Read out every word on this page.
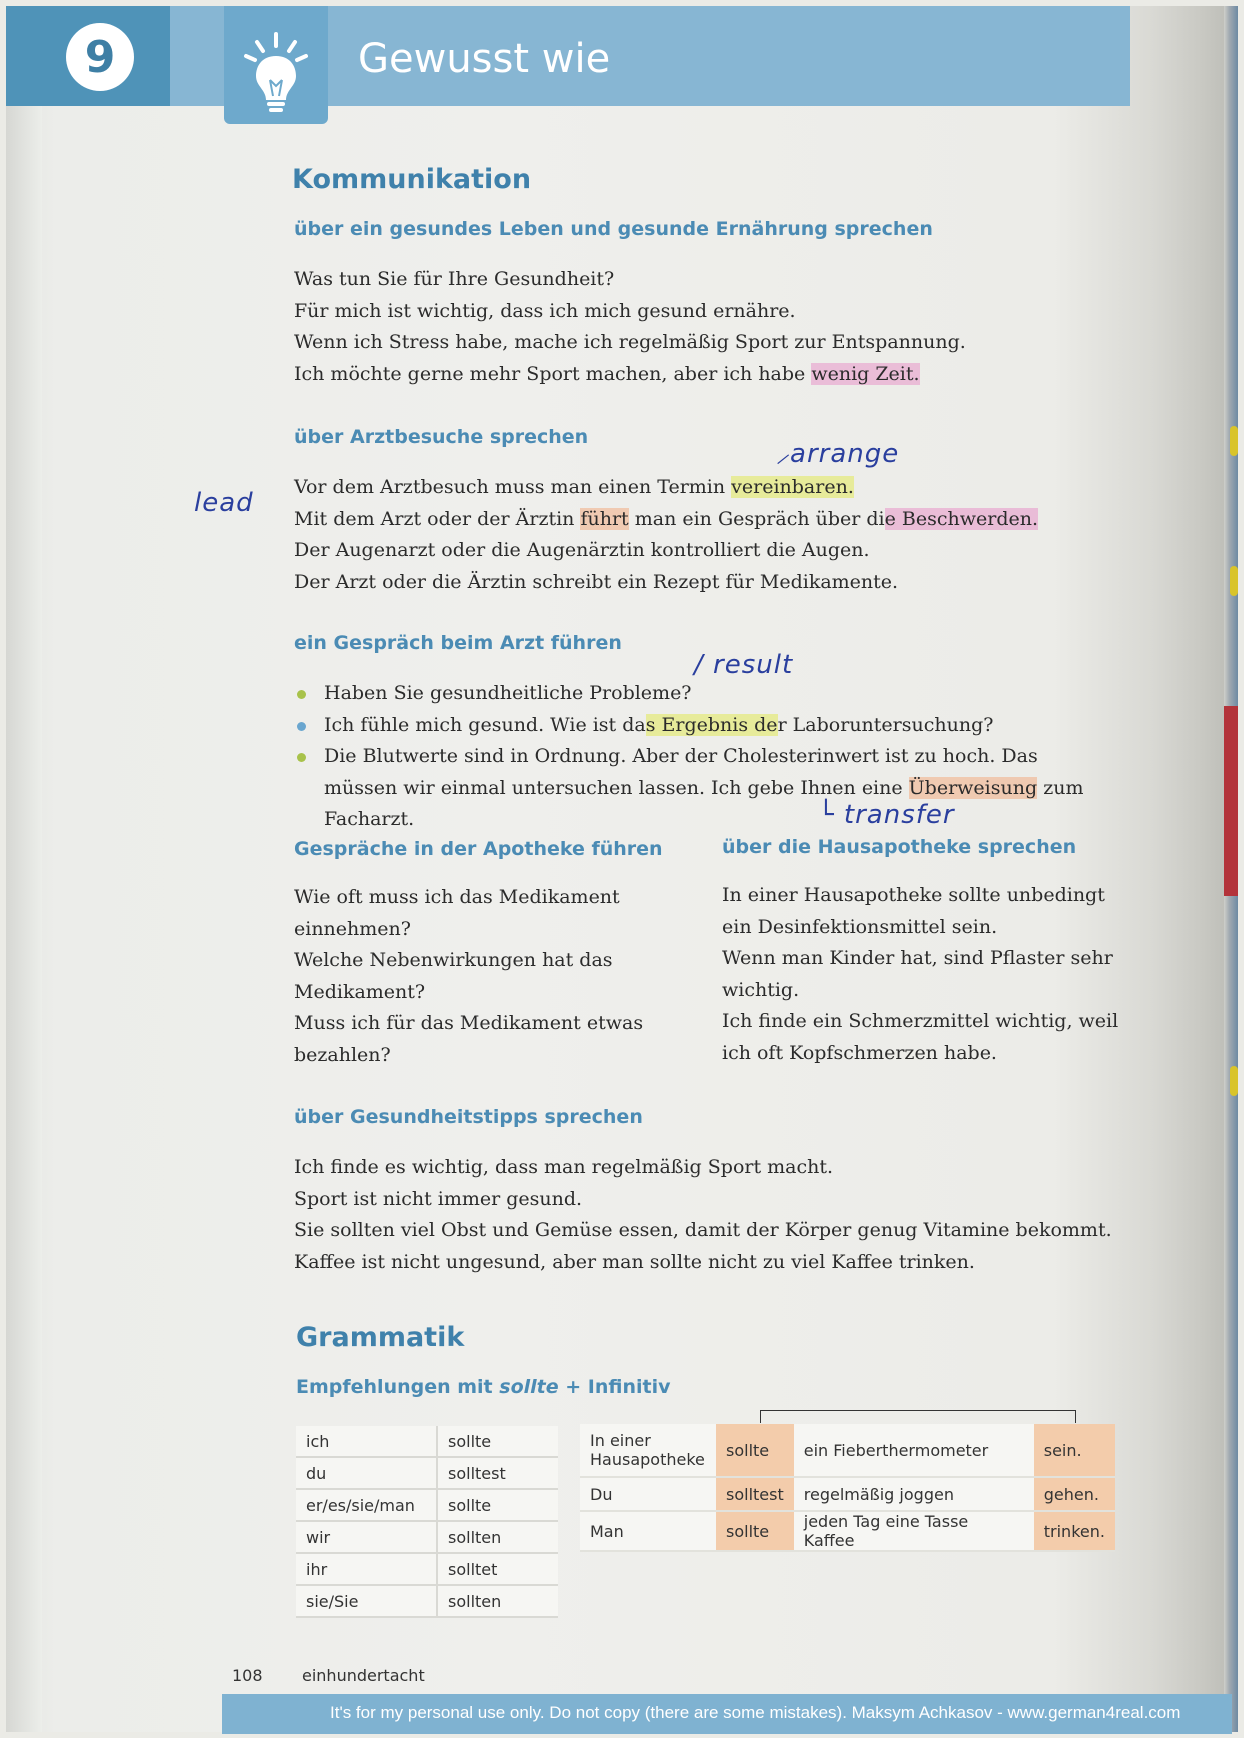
9	Gewusst wie
Kommunikation
über ein gesundes Leben und gesunde Ernährung sprechen

Was tun Sie für Ihre Gesundheit?

Für mich ist wichtig, dass ich mich gesund ernähre.

Wenn ich Stress habe, mache ich regelmäßig Sport zur Entspannung.

Ich möchte gerne mehr Sport machen, aber ich habe wenig Zeit.

über Arztbesuche sprechen
⸝arrange
lead

Vor dem Arztbesuch muss man einen Termin vereinbaren.

Mit dem Arzt oder der Ärztin führt man ein Gespräch über die Beschwerden.

Der Augenarzt oder die Augenärztin kontrolliert die Augen.

Der Arzt oder die Ärztin schreibt ein Rezept für Medikamente.

ein Gespräch beim Arzt führen
/ result
Haben Sie gesundheitliche Probleme?
Ich fühle mich gesund. Wie ist das Ergebnis der Laboruntersuchung?
Die Blutwerte sind in Ordnung. Aber der Cholesterinwert ist zu hoch. Das müssen wir einmal untersuchen lassen. Ich gebe Ihnen eine Überweisung zum Facharzt.	└ transfer
Gespräche in der Apotheke führen

Wie oft muss ich das Medikament einnehmen?

Welche Nebenwirkungen hat das Medikament?

Muss ich für das Medikament etwas bezahlen?

über die Hausapotheke sprechen

In einer Hausapotheke sollte unbedingt ein Desinfektionsmittel sein.

Wenn man Kinder hat, sind Pflaster sehr wichtig.

Ich finde ein Schmerzmittel wichtig, weil ich oft Kopfschmerzen habe.

über Gesundheitstipps sprechen

Ich finde es wichtig, dass man regelmäßig Sport macht.

Sport ist nicht immer gesund.

Sie sollten viel Obst und Gemüse essen, damit der Körper genug Vitamine bekommt.

Kaffee ist nicht ungesund, aber man sollte nicht zu viel Kaffee trinken.

Grammatik
Empfehlungen mit sollte + Infinitiv
ich	sollte
du	solltest
er/es/sie/man	sollte
wir	sollten
ihr	solltet
sie/Sie	sollten
In einer Hausapotheke	sollte	ein Fieberthermometer	sein.
Du	solltest	regelmäßig joggen	gehen.
Man	sollte	jeden Tag eine Tasse Kaffee	trinken.
108 einhundertacht
It's for my personal use only. Do not copy (there are some mistakes). Maksym Achkasov - www.german4real.com
